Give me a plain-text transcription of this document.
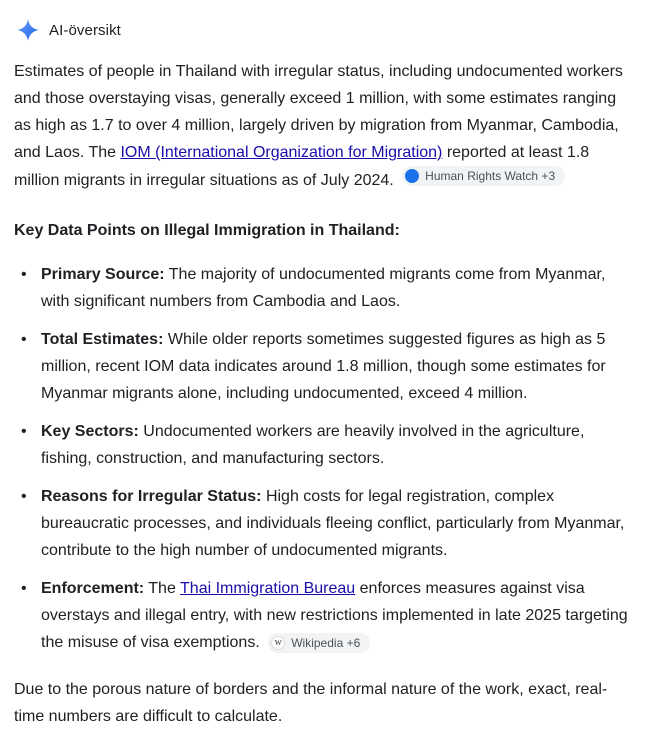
AI-översikt

Estimates of people in Thailand with irregular status, including undocumented workers and those overstaying visas, generally exceed 1 million, with some estimates ranging as high as 1.7 to over 4 million, largely driven by migration from Myanmar, Cambodia, and Laos. The IOM (International Organization for Migration) reported at least 1.8 million migrants in irregular situations as of July 2024. Human Rights Watch +3

Key Data Points on Illegal Immigration in Thailand:
• Primary Source: The majority of undocumented migrants come from Myanmar, with significant numbers from Cambodia and Laos.
• Total Estimates: While older reports sometimes suggested figures as high as 5 million, recent IOM data indicates around 1.8 million, though some estimates for Myanmar migrants alone, including undocumented, exceed 4 million.
• Key Sectors: Undocumented workers are heavily involved in the agriculture, fishing, construction, and manufacturing sectors.
• Reasons for Irregular Status: High costs for legal registration, complex bureaucratic processes, and individuals fleeing conflict, particularly from Myanmar, contribute to the high number of undocumented migrants.
• Enforcement: The Thai Immigration Bureau enforces measures against visa overstays and illegal entry, with new restrictions implemented in late 2025 targeting the misuse of visa exemptions.	w Wikipedia +6

Due to the porous nature of borders and the informal nature of the work, exact, real-time numbers are difficult to calculate.
